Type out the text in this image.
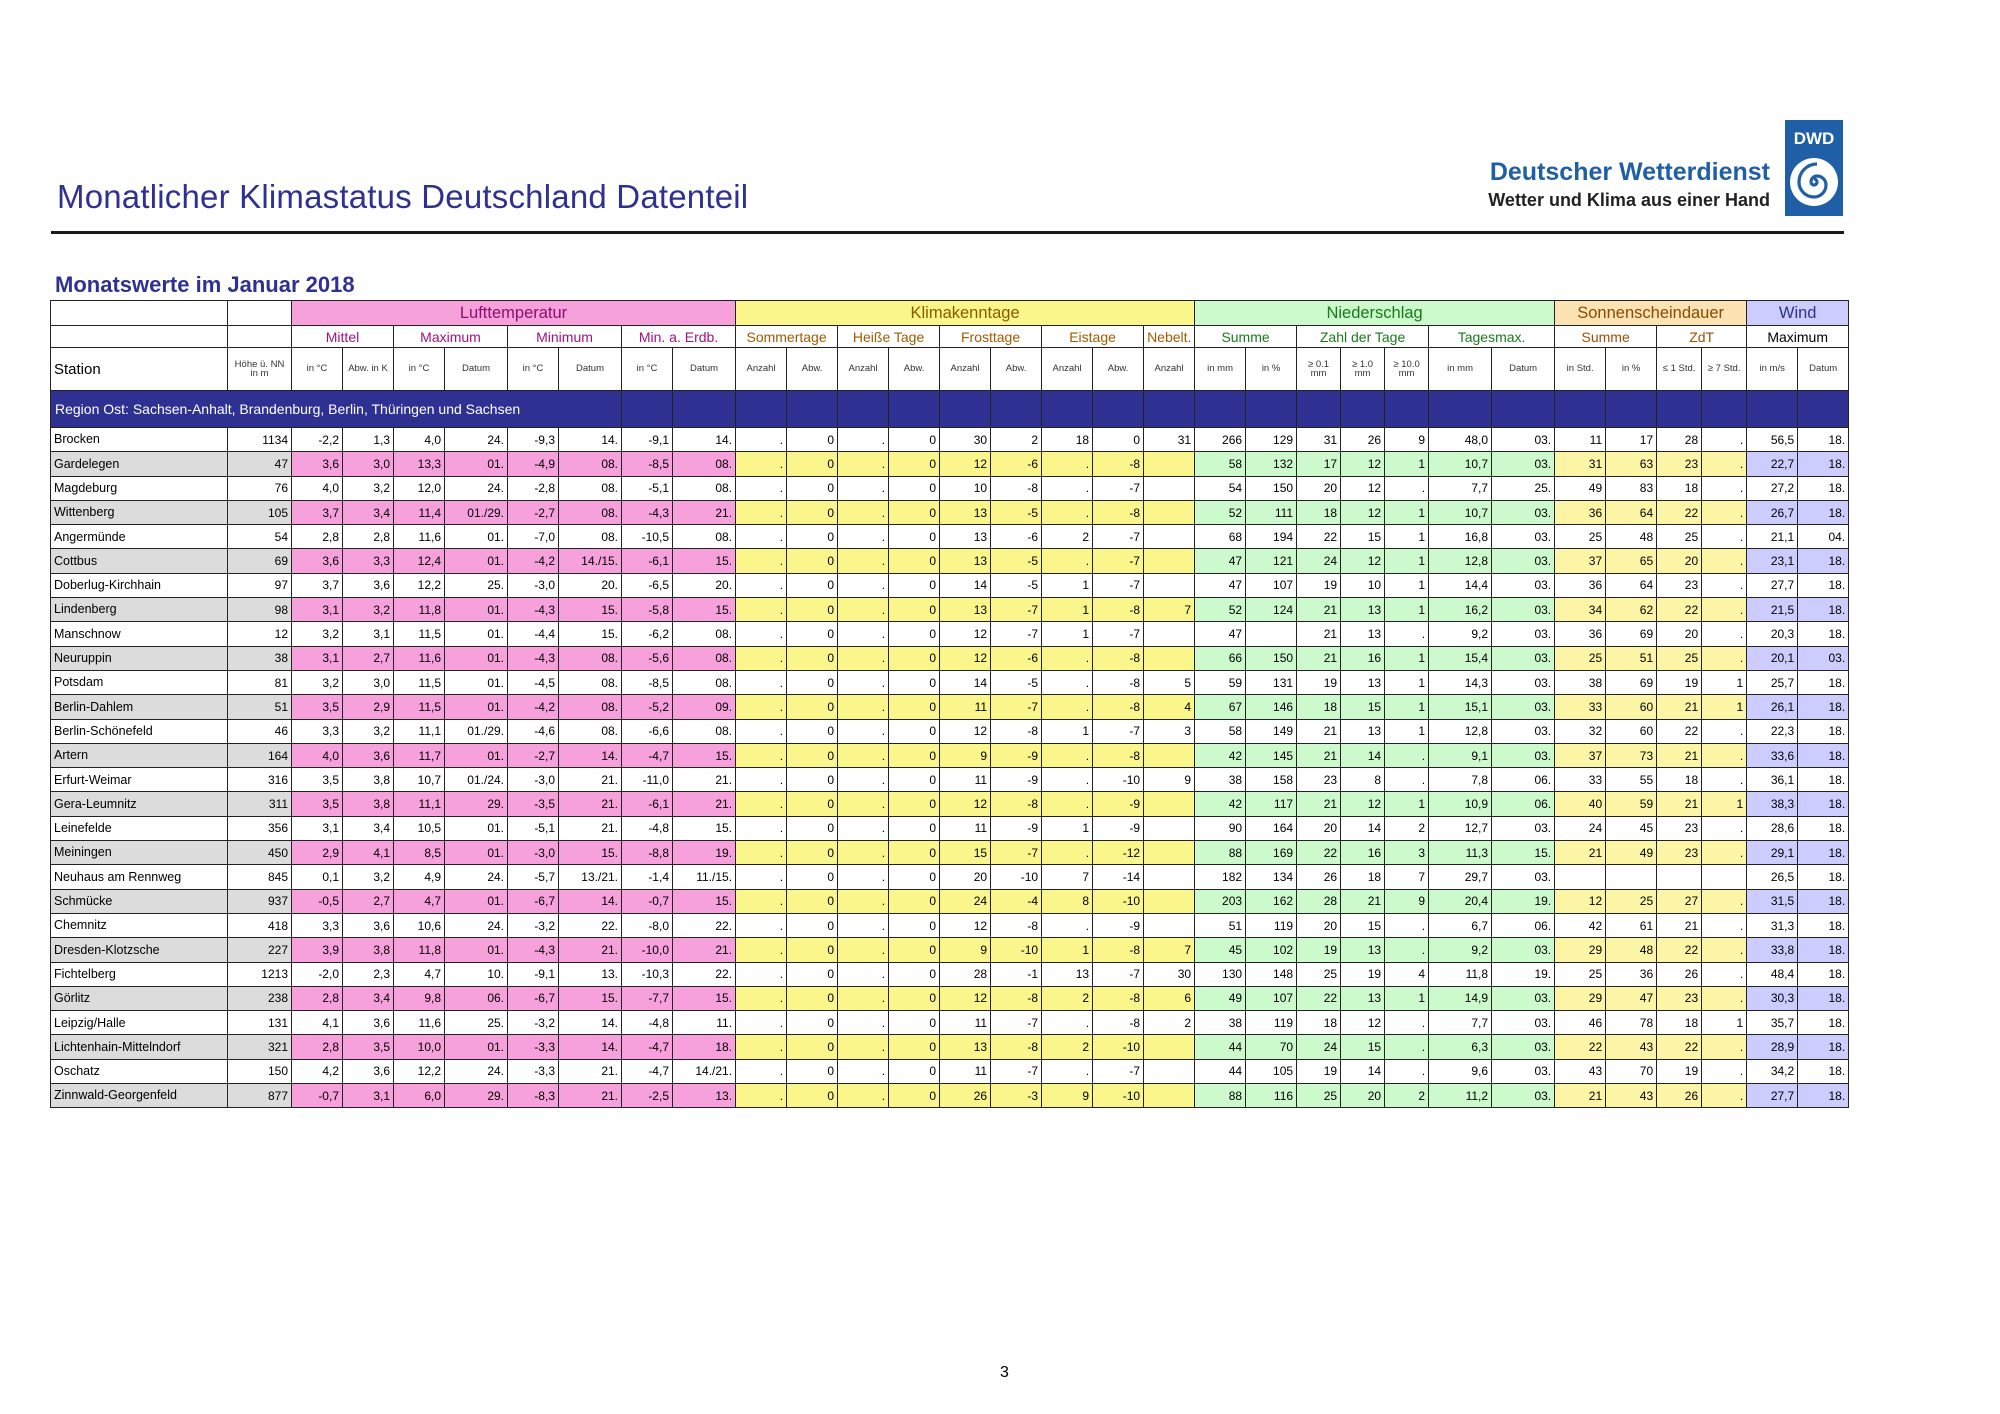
Monatlicher Klimastatus Deutschland Datenteil
Deutscher Wetterdienst
Wetter und Klima aus einer Hand
DWD
Monatswerte im Januar 2018
		Lufttemperatur								Klimakenntage									Niederschlag							Sonnenscheindauer				Wind	
		Mittel		Maximum		Minimum		Min. a. Erdb.		Sommertage		Heiße Tage		Frosttage		Eistage		Nebelt.	Summe		Zahl der Tage			Tagesmax.		Summe		ZdT		Maximum	
Station	Höhe ü. NN in m	in °C	Abw. in K	in °C	Datum	in °C	Datum	in °C	Datum	Anzahl	Abw.	Anzahl	Abw.	Anzahl	Abw.	Anzahl	Abw.	Anzahl	in mm	in %	≥ 0.1 mm	≥ 1.0 mm	≥ 10.0 mm	in mm	Datum	in Std.	in %	≤ 1 Std.	≥ 7 Std.	in m/s	Datum
Region Ost: Sachsen-Anhalt, Brandenburg, Berlin, Thüringen und Sachsen																															
Brocken	1134	-2,2	1,3	4,0	24.	-9,3	14.	-9,1	14.	.	0	.	0	30	2	18	0	31	266	129	31	26	9	48,0	03.	11	17	28	.	56,5	18.
Gardelegen	47	3,6	3,0	13,3	01.	-4,9	08.	-8,5	08.	.	0	.	0	12	-6	.	-8		58	132	17	12	1	10,7	03.	31	63	23	.	22,7	18.
Magdeburg	76	4,0	3,2	12,0	24.	-2,8	08.	-5,1	08.	.	0	.	0	10	-8	.	-7		54	150	20	12	.	7,7	25.	49	83	18	.	27,2	18.
Wittenberg	105	3,7	3,4	11,4	01./29.	-2,7	08.	-4,3	21.	.	0	.	0	13	-5	.	-8		52	111	18	12	1	10,7	03.	36	64	22	.	26,7	18.
Angermünde	54	2,8	2,8	11,6	01.	-7,0	08.	-10,5	08.	.	0	.	0	13	-6	2	-7		68	194	22	15	1	16,8	03.	25	48	25	.	21,1	04.
Cottbus	69	3,6	3,3	12,4	01.	-4,2	14./15.	-6,1	15.	.	0	.	0	13	-5	.	-7		47	121	24	12	1	12,8	03.	37	65	20	.	23,1	18.
Doberlug-Kirchhain	97	3,7	3,6	12,2	25.	-3,0	20.	-6,5	20.	.	0	.	0	14	-5	1	-7		47	107	19	10	1	14,4	03.	36	64	23	.	27,7	18.
Lindenberg	98	3,1	3,2	11,8	01.	-4,3	15.	-5,8	15.	.	0	.	0	13	-7	1	-8	7	52	124	21	13	1	16,2	03.	34	62	22	.	21,5	18.
Manschnow	12	3,2	3,1	11,5	01.	-4,4	15.	-6,2	08.	.	0	.	0	12	-7	1	-7		47		21	13	.	9,2	03.	36	69	20	.	20,3	18.
Neuruppin	38	3,1	2,7	11,6	01.	-4,3	08.	-5,6	08.	.	0	.	0	12	-6	.	-8		66	150	21	16	1	15,4	03.	25	51	25	.	20,1	03.
Potsdam	81	3,2	3,0	11,5	01.	-4,5	08.	-8,5	08.	.	0	.	0	14	-5	.	-8	5	59	131	19	13	1	14,3	03.	38	69	19	1	25,7	18.
Berlin-Dahlem	51	3,5	2,9	11,5	01.	-4,2	08.	-5,2	09.	.	0	.	0	11	-7	.	-8	4	67	146	18	15	1	15,1	03.	33	60	21	1	26,1	18.
Berlin-Schönefeld	46	3,3	3,2	11,1	01./29.	-4,6	08.	-6,6	08.	.	0	.	0	12	-8	1	-7	3	58	149	21	13	1	12,8	03.	32	60	22	.	22,3	18.
Artern	164	4,0	3,6	11,7	01.	-2,7	14.	-4,7	15.	.	0	.	0	9	-9	.	-8		42	145	21	14	.	9,1	03.	37	73	21	.	33,6	18.
Erfurt-Weimar	316	3,5	3,8	10,7	01./24.	-3,0	21.	-11,0	21.	.	0	.	0	11	-9	.	-10	9	38	158	23	8	.	7,8	06.	33	55	18	.	36,1	18.
Gera-Leumnitz	311	3,5	3,8	11,1	29.	-3,5	21.	-6,1	21.	.	0	.	0	12	-8	.	-9		42	117	21	12	1	10,9	06.	40	59	21	1	38,3	18.
Leinefelde	356	3,1	3,4	10,5	01.	-5,1	21.	-4,8	15.	.	0	.	0	11	-9	1	-9		90	164	20	14	2	12,7	03.	24	45	23	.	28,6	18.
Meiningen	450	2,9	4,1	8,5	01.	-3,0	15.	-8,8	19.	.	0	.	0	15	-7	.	-12		88	169	22	16	3	11,3	15.	21	49	23	.	29,1	18.
Neuhaus am Rennweg	845	0,1	3,2	4,9	24.	-5,7	13./21.	-1,4	11./15.	.	0	.	0	20	-10	7	-14		182	134	26	18	7	29,7	03.					26,5	18.
Schmücke	937	-0,5	2,7	4,7	01.	-6,7	14.	-0,7	15.	.	0	.	0	24	-4	8	-10		203	162	28	21	9	20,4	19.	12	25	27	.	31,5	18.
Chemnitz	418	3,3	3,6	10,6	24.	-3,2	22.	-8,0	22.	.	0	.	0	12	-8	.	-9		51	119	20	15	.	6,7	06.	42	61	21	.	31,3	18.
Dresden-Klotzsche	227	3,9	3,8	11,8	01.	-4,3	21.	-10,0	21.	.	0	.	0	9	-10	1	-8	7	45	102	19	13	.	9,2	03.	29	48	22	.	33,8	18.
Fichtelberg	1213	-2,0	2,3	4,7	10.	-9,1	13.	-10,3	22.	.	0	.	0	28	-1	13	-7	30	130	148	25	19	4	11,8	19.	25	36	26	.	48,4	18.
Görlitz	238	2,8	3,4	9,8	06.	-6,7	15.	-7,7	15.	.	0	.	0	12	-8	2	-8	6	49	107	22	13	1	14,9	03.	29	47	23	.	30,3	18.
Leipzig/Halle	131	4,1	3,6	11,6	25.	-3,2	14.	-4,8	11.	.	0	.	0	11	-7	.	-8	2	38	119	18	12	.	7,7	03.	46	78	18	1	35,7	18.
Lichtenhain-Mittelndorf	321	2,8	3,5	10,0	01.	-3,3	14.	-4,7	18.	.	0	.	0	13	-8	2	-10		44	70	24	15	.	6,3	03.	22	43	22	.	28,9	18.
Oschatz	150	4,2	3,6	12,2	24.	-3,3	21.	-4,7	14./21.	.	0	.	0	11	-7	.	-7		44	105	19	14	.	9,6	03.	43	70	19	.	34,2	18.
Zinnwald-Georgenfeld	877	-0,7	3,1	6,0	29.	-8,3	21.	-2,5	13.	.	0	.	0	26	-3	9	-10		88	116	25	20	2	11,2	03.	21	43	26	.	27,7	18.
3
